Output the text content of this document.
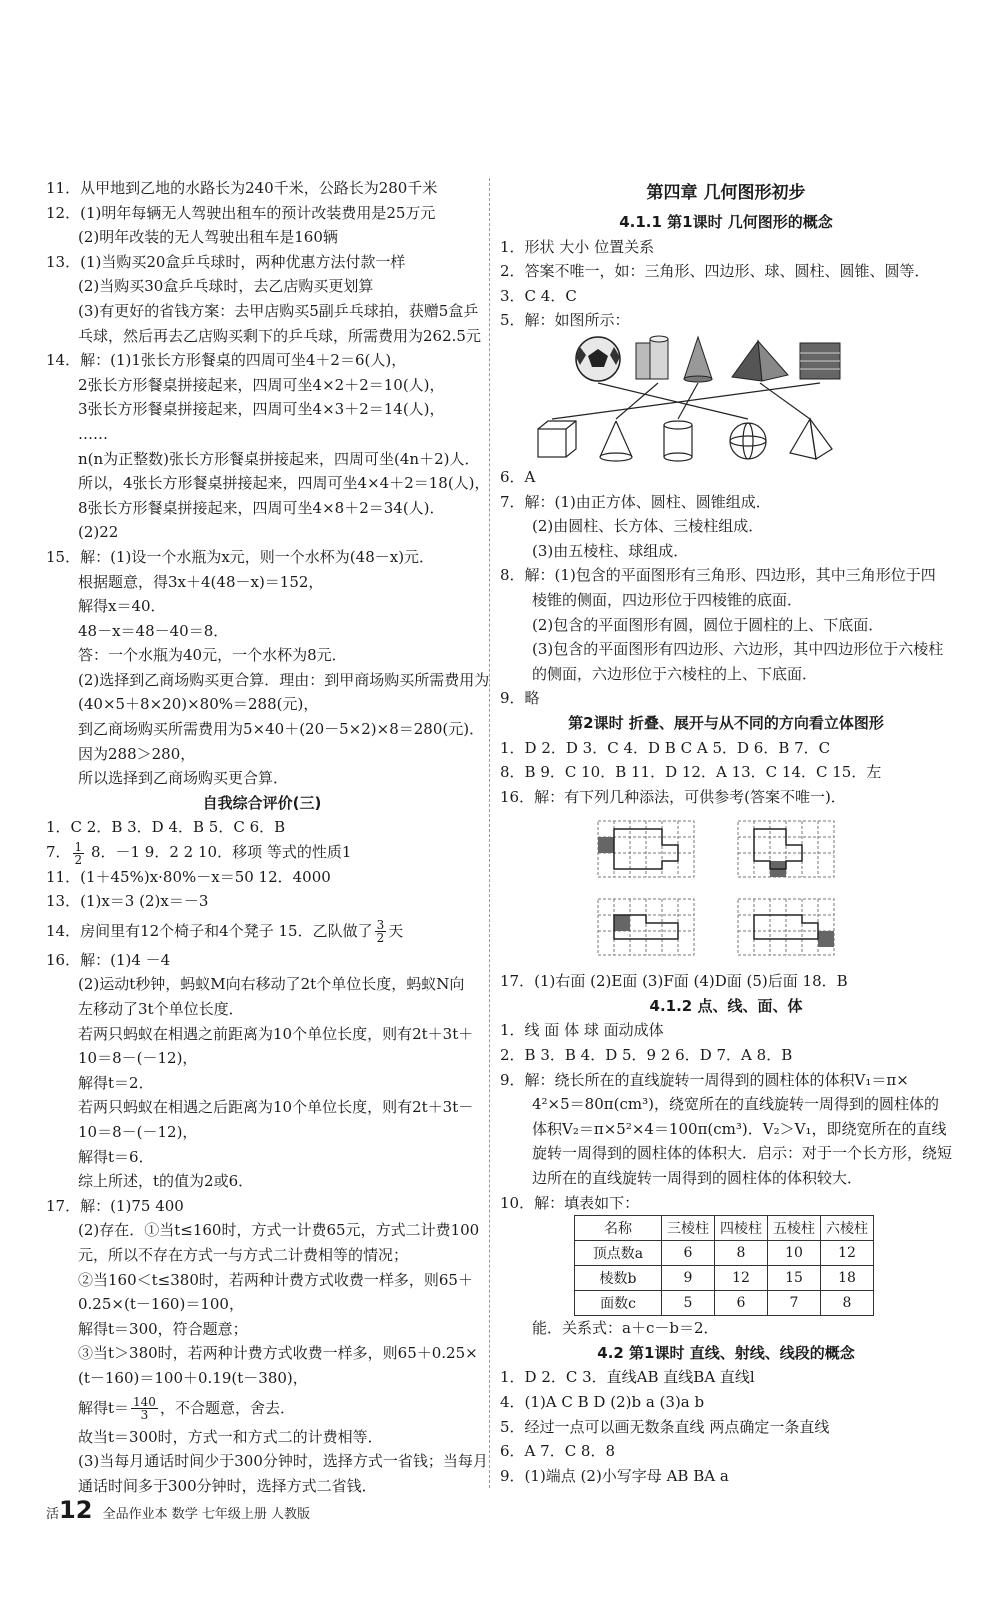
11．从甲地到乙地的水路长为240千米，公路长为280千米
12．(1)明年每辆无人驾驶出租车的预计改装费用是25万元
(2)明年改装的无人驾驶出租车是160辆
13．(1)当购买20盒乒乓球时，两种优惠方法付款一样
(2)当购买30盒乒乓球时，去乙店购买更划算
(3)有更好的省钱方案：去甲店购买5副乒乓球拍，获赠5盒乒
乓球，然后再去乙店购买剩下的乒乓球，所需费用为262.5元
14．解：(1)1张长方形餐桌的四周可坐4＋2＝6(人)，
2张长方形餐桌拼接起来，四周可坐4×2＋2＝10(人)，
3张长方形餐桌拼接起来，四周可坐4×3＋2＝14(人)，
……
n(n为正整数)张长方形餐桌拼接起来，四周可坐(4n＋2)人．
所以，4张长方形餐桌拼接起来，四周可坐4×4＋2＝18(人)，
8张长方形餐桌拼接起来，四周可坐4×8＋2＝34(人)．
(2)22
15．解：(1)设一个水瓶为x元，则一个水杯为(48－x)元．
根据题意，得3x＋4(48－x)＝152，
解得x＝40．
48－x＝48－40＝8．
答：一个水瓶为40元，一个水杯为8元．
(2)选择到乙商场购买更合算．理由：到甲商场购买所需费用为
(40×5＋8×20)×80%＝288(元)，
到乙商场购买所需费用为5×40＋(20－5×2)×8＝280(元)．
因为288＞280，
所以选择到乙商场购买更合算．
自我综合评价(三)
1．C 2．B 3．D 4．B 5．C 6．B
7． $\frac{1}{2} 8$．－1 9．2 2 10．移项 等式的性质1
11．(1＋45%)x·80%－x＝50 12．4000
13．(1)x＝3 (2)x＝－3
14．房间里有12个椅子和4个凳子 15．乙队做了 $\frac{3}{2}$ 天
16．解：(1)4 －4
(2)运动t秒钟，蚂蚁M向右移动了2t个单位长度，蚂蚁N向
左移动了3t个单位长度．
若两只蚂蚁在相遇之前距离为10个单位长度，则有2t＋3t＋
10＝8－(－12)，
解得t＝2．
若两只蚂蚁在相遇之后距离为10个单位长度，则有2t＋3t－
10＝8－(－12)，
解得t＝6．
综上所述，t的值为2或6．
17．解：(1)75 400
(2)存在．①当t≤160时，方式一计费65元，方式二计费100
元，所以不存在方式一与方式二计费相等的情况；
②当160＜t≤380时，若两种计费方式收费一样多，则65＋
0.25×(t－160)＝100，
解得t＝300，符合题意；
③当t＞380时，若两种计费方式收费一样多，则65＋0.25×
(t－160)＝100＋0.19(t－380)，
解得$t= \frac{140}{3}$ ，不合题意，舍去．
故当t＝300时，方式一和方式二的计费相等．
(3)当每月通话时间少于300分钟时，选择方式一省钱；当每月
通话时间多于300分钟时，选择方式二省钱．
第四章 几何图形初步
4.1.1 第1课时 几何图形的概念
1．形状 大小 位置关系
2．答案不唯一，如：三角形、四边形、球、圆柱、圆锥、圆等．
3．C 4．C
5．解：如图所示：
6．A
7．解：(1)由正方体、圆柱、圆锥组成．
(2)由圆柱、长方体、三棱柱组成．
(3)由五棱柱、球组成．
8．解：(1)包含的平面图形有三角形、四边形，其中三角形位于四
棱锥的侧面，四边形位于四棱锥的底面．
(2)包含的平面图形有圆，圆位于圆柱的上、下底面．
(3)包含的平面图形有四边形、六边形，其中四边形位于六棱柱
的侧面，六边形位于六棱柱的上、下底面．
9．略
第2课时 折叠、展开与从不同的方向看立体图形
1．D 2．D 3．C 4．D B C A 5．D 6．B 7．C
8．B 9．C 10．B 11．D 12．A 13．C 14．C 15．左
16．解：有下列几种添法，可供参考(答案不唯一)．
17．(1)右面 (2)E面 (3)F面 (4)D面 (5)后面 18．B
4.1.2 点、线、面、体
1．线 面 体 球 面动成体
2．B 3．B 4．D 5．9 2 6．D 7．A 8．B
9．解：绕长所在的直线旋转一周得到的圆柱体的体积V₁＝π×
4²×5＝80π(cm³)，绕宽所在的直线旋转一周得到的圆柱体的
体积V₂＝π×5²×4＝100π(cm³)．V₂＞V₁，即绕宽所在的直线
旋转一周得到的圆柱体的体积大．启示：对于一个长方形，绕短
边所在的直线旋转一周得到的圆柱体的体积较大．
10．解：填表如下：
名称	三棱柱	四棱柱	五棱柱	六棱柱
顶点数a	6	8	10	12
棱数b	9	12	15	18
面数c	5	6	7	8
能．关系式：a＋c－b＝2．
4.2 第1课时 直线、射线、线段的概念
1．D 2．C 3．直线AB 直线BA 直线l
4．(1)A C B D (2)b a (3)a b
5．经过一点可以画无数条直线 两点确定一条直线
6．A 7．C 8．8
9．(1)端点 (2)小写字母 AB BA a
活12 全品作业本 数学 七年级上册 人教版
